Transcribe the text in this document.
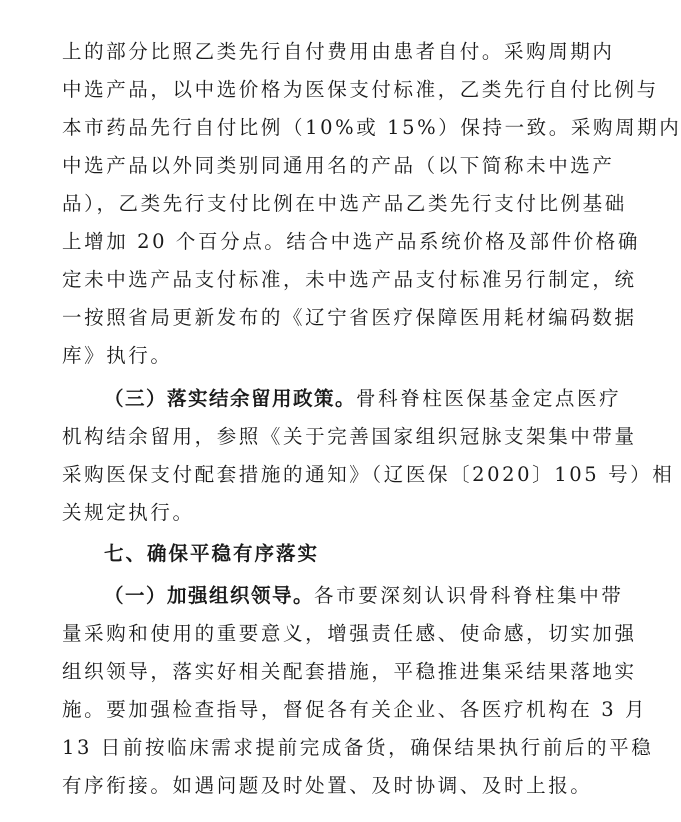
上的部分比照乙类先行自付费用由患者自付。采购周期内
中选产品，以中选价格为医保支付标准，乙类先行自付比例与
本市药品先行自付比例（10%或 15%）保持一致。采购周期内
中选产品以外同类别同通用名的产品（以下简称未中选产
品），乙类先行支付比例在中选产品乙类先行支付比例基础
上增加 20 个百分点。结合中选产品系统价格及部件价格确
定未中选产品支付标准，未中选产品支付标准另行制定，统
一按照省局更新发布的《辽宁省医疗保障医用耗材编码数据
库》执行。
（三）落实结余留用政策。骨科脊柱医保基金定点医疗
机构结余留用，参照《关于完善国家组织冠脉支架集中带量
采购医保支付配套措施的通知》（辽医保〔2020〕105 号）相
关规定执行。
七、确保平稳有序落实
（一）加强组织领导。各市要深刻认识骨科脊柱集中带
量采购和使用的重要意义，增强责任感、使命感，切实加强
组织领导，落实好相关配套措施，平稳推进集采结果落地实
施。要加强检查指导，督促各有关企业、各医疗机构在 3 月
13 日前按临床需求提前完成备货，确保结果执行前后的平稳
有序衔接。如遇问题及时处置、及时协调、及时上报。
